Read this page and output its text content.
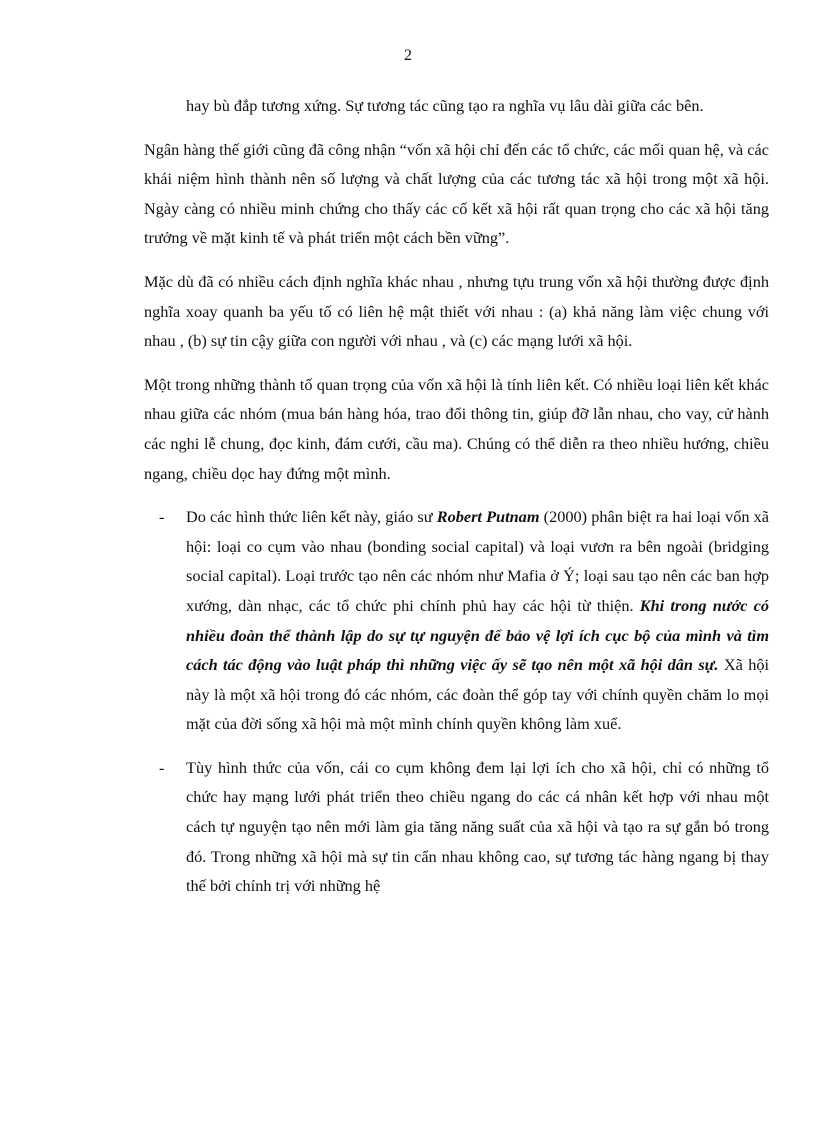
2

hay bù đắp tương xứng. Sự tương tác cũng tạo ra nghĩa vụ lâu dài giữa các bên.

Ngân hàng thế giới cũng đã công nhận “vốn xã hội chỉ đến các tổ chức, các mối quan hệ, và các khái niệm hình thành nên số lượng và chất lượng của các tương tác xã hội trong một xã hội. Ngày càng có nhiều minh chứng cho thấy các cố kết xã hội rất quan trọng cho các xã hội tăng trưởng về mặt kinh tế và phát triển một cách bền vững”.

Mặc dù đã có nhiều cách định nghĩa khác nhau , nhưng tựu trung vốn xã hội thường được định nghĩa xoay quanh ba yếu tố có liên hệ mật thiết với nhau : (a) khả năng làm việc chung với nhau , (b) sự tin cậy giữa con người với nhau , và (c) các mạng lưới xã hội.

Một trong những thành tố quan trọng của vốn xã hội là tính liên kết. Có nhiều loại liên kết khác nhau giữa các nhóm (mua bán hàng hóa, trao đổi thông tin, giúp đỡ lẫn nhau, cho vay, cử hành các nghi lễ chung, đọc kinh, đám cưới, cầu ma). Chúng có thể diễn ra theo nhiều hướng, chiều ngang, chiều dọc hay đứng một mình.

- Do các hình thức liên kết này, giáo sư Robert Putnam (2000) phân biệt ra hai loại vốn xã hội: loại co cụm vào nhau (bonding social capital) và loại vươn ra bên ngoài (bridging social capital). Loại trước tạo nên các nhóm như Mafia ở Ý; loại sau tạo nên các ban hợp xướng, dàn nhạc, các tổ chức phi chính phủ hay các hội từ thiện. Khi trong nước có nhiều đoàn thể thành lập do sự tự nguyện để bảo vệ lợi ích cục bộ của mình và tìm cách tác động vào luật pháp thì những việc ấy sẽ tạo nên một xã hội dân sự. Xã hội này là một xã hội trong đó các nhóm, các đoàn thể góp tay với chính quyền chăm lo mọi mặt của đời sống xã hội mà một mình chính quyền không làm xuể.
- Tùy hình thức của vốn, cái co cụm không đem lại lợi ích cho xã hội, chỉ có những tổ chức hay mạng lưới phát triển theo chiều ngang do các cá nhân kết hợp với nhau một cách tự nguyện tạo nên mới làm gia tăng năng suất của xã hội và tạo ra sự gắn bó trong đó. Trong những xã hội mà sự tin cẩn nhau không cao, sự tương tác hàng ngang bị thay thế bởi chính trị với những hệ
